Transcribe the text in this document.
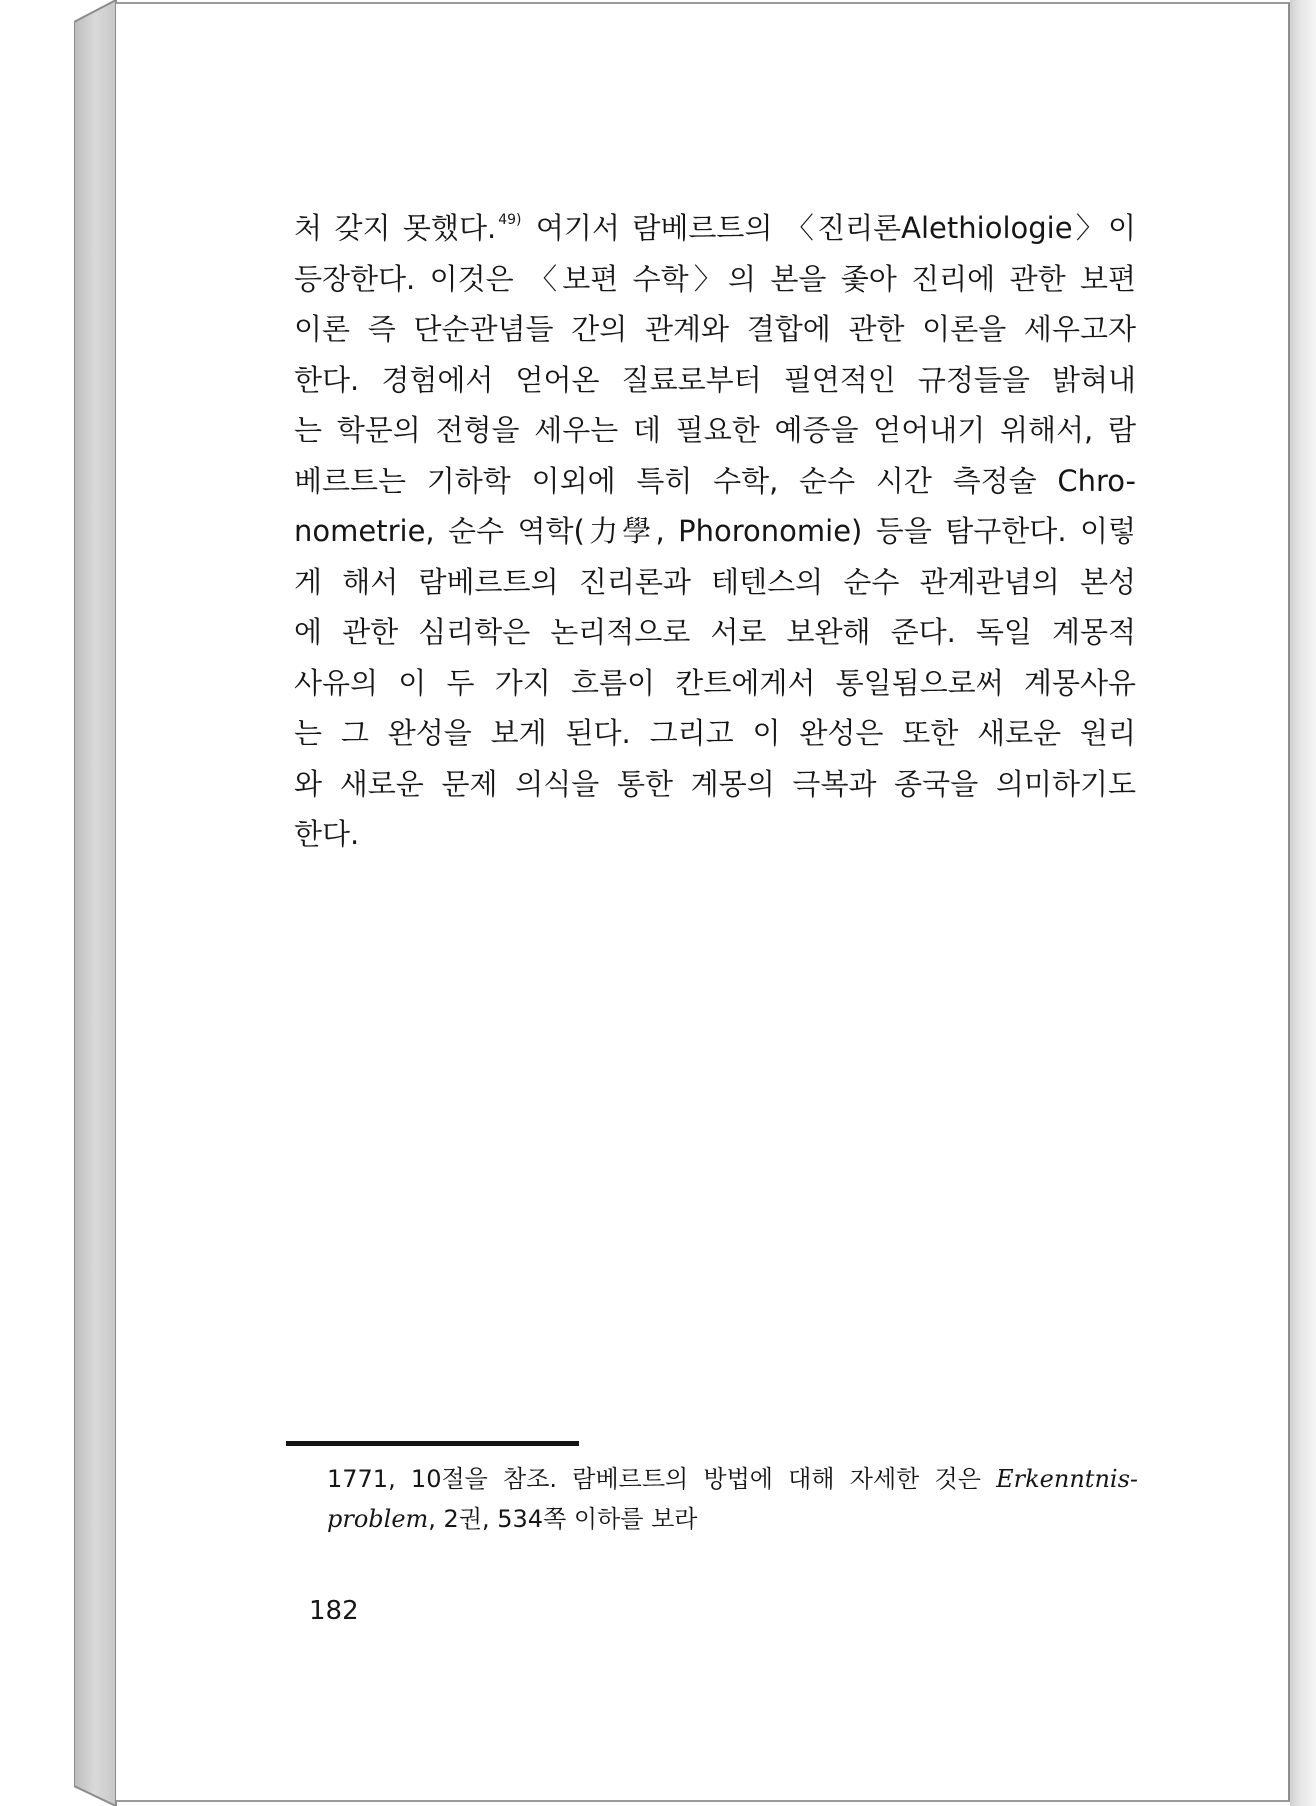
처 갖지 못했다. $^{49)}$ 여기서 람베르트의 〈진리론Alethiologie〉이
등장한다. 이것은 〈보편 수학〉의 본을 좇아 진리에 관한 보편
이론 즉 단순관념들 간의 관계와 결합에 관한 이론을 세우고자
한다. 경험에서 얻어온 질료로부터 필연적인 규정들을 밝혀내
는 학문의 전형을 세우는 데 필요한 예증을 얻어내기 위해서, 람
베르트는 기하학 이외에 특히 수학, 순수 시간 측정술 Chro-
nometrie, 순수 역학(力學, Phoronomie) 등을 탐구한다. 이렇
게 해서 람베르트의 진리론과 테텐스의 순수 관계관념의 본성
에 관한 심리학은 논리적으로 서로 보완해 준다. 독일 계몽적
사유의 이 두 가지 흐름이 칸트에게서 통일됨으로써 계몽사유
는 그 완성을 보게 된다. 그리고 이 완성은 또한 새로운 원리
와 새로운 문제 의식을 통한 계몽의 극복과 종국을 의미하기도
한다.
1771, 10절을 참조. 람베르트의 방법에 대해 자세한 것은 Erkenntnis-
problem, 2권, 534쪽 이하를 보라
182
